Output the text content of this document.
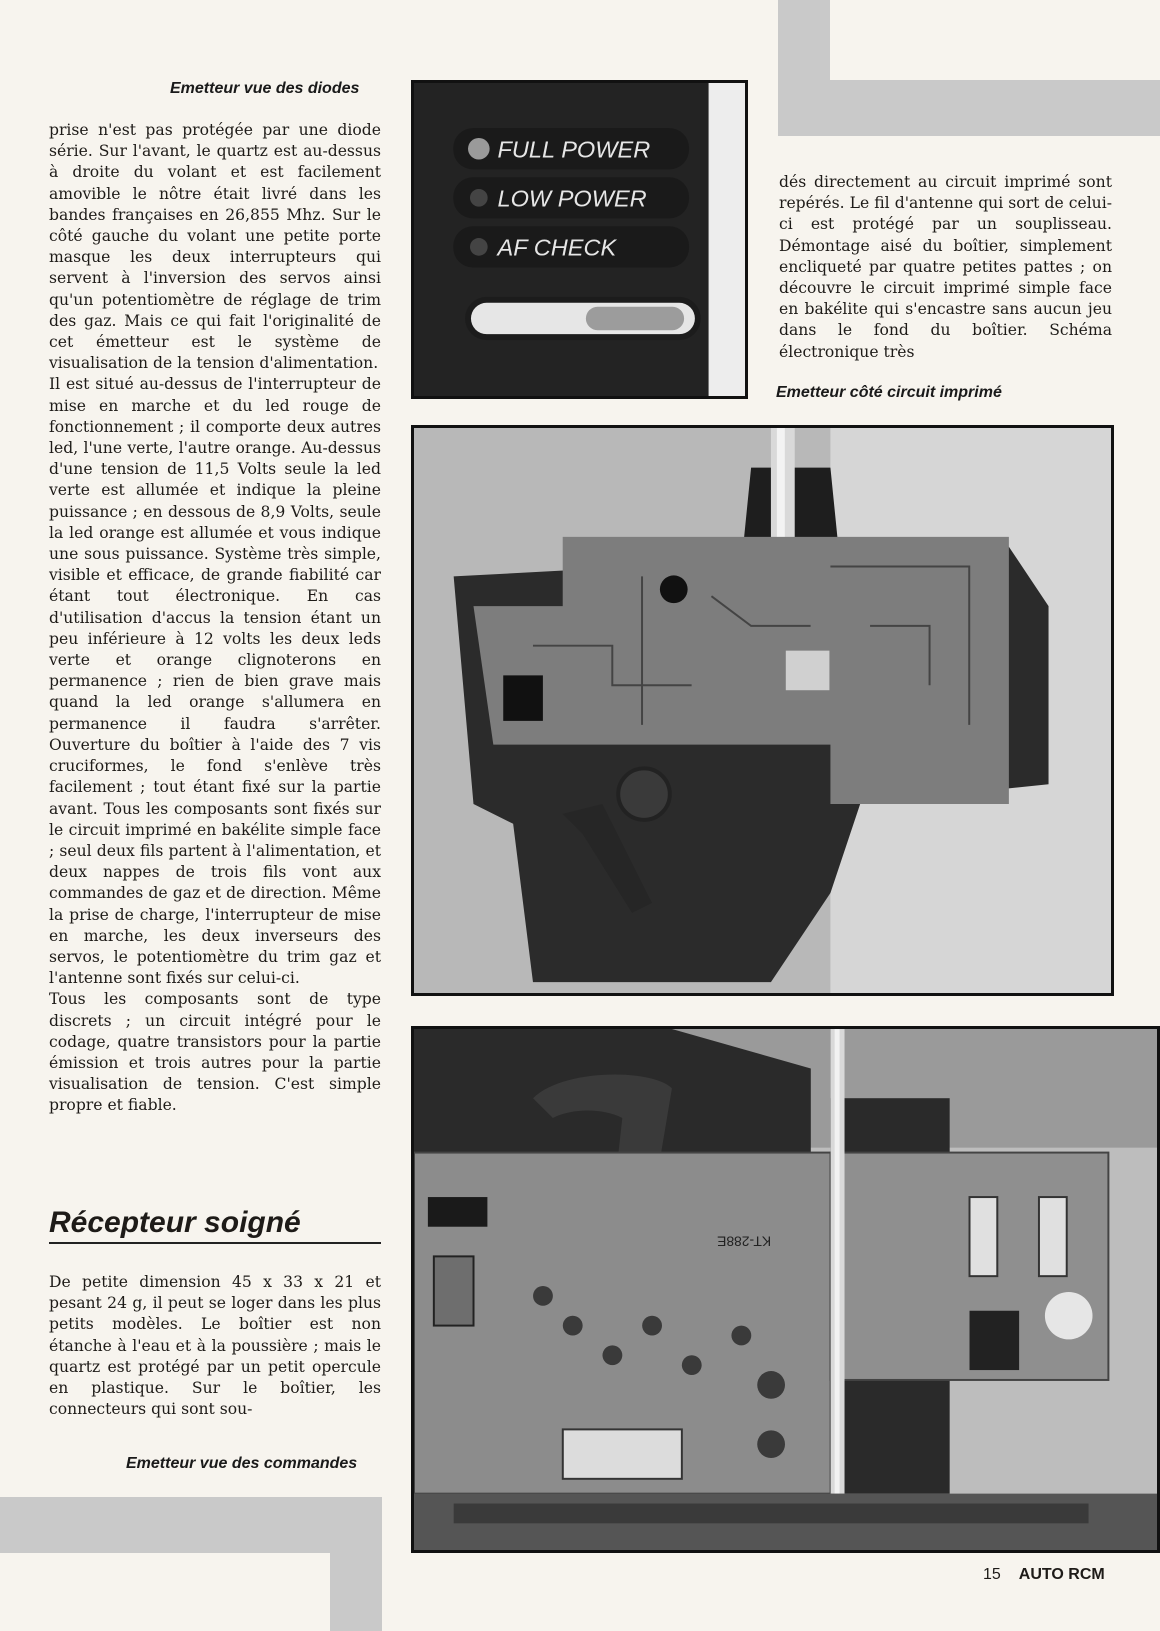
Emetteur vue des diodes

prise n'est pas protégée par une diode série. Sur l'avant, le quartz est au-dessus à droite du volant et est facilement amovible le nôtre était livré dans les bandes françaises en 26,855 Mhz. Sur le côté gauche du volant une petite porte masque les deux interrupteurs qui servent à l'inversion des servos ainsi qu'un potentiomètre de réglage de trim des gaz. Mais ce qui fait l'originalité de cet émetteur est le système de visualisation de la tension d'alimentation.

Il est situé au-dessus de l'interrupteur de mise en marche et du led rouge de fonctionnement ; il comporte deux autres led, l'une verte, l'autre orange. Au-dessus d'une tension de 11,5 Volts seule la led verte est allumée et indique la pleine puissance ; en dessous de 8,9 Volts, seule la led orange est allumée et vous indique une sous puissance. Système très simple, visible et efficace, de grande fiabilité car étant tout électronique. En cas d'utilisation d'accus la tension étant un peu inférieure à 12 volts les deux leds verte et orange clignoterons en permanence ; rien de bien grave mais quand la led orange s'allumera en permanence il faudra s'arrêter. Ouverture du boîtier à l'aide des 7 vis cruciformes, le fond s'enlève très facilement ; tout étant fixé sur la partie avant. Tous les composants sont fixés sur le circuit imprimé en bakélite simple face ; seul deux fils partent à l'alimentation, et deux nappes de trois fils vont aux commandes de gaz et de direction. Même la prise de charge, l'interrupteur de mise en marche, les deux inverseurs des servos, le potentiomètre du trim gaz et l'antenne sont fixés sur celui-ci.

Tous les composants sont de type discrets ; un circuit intégré pour le codage, quatre transistors pour la partie émission et trois autres pour la partie visualisation de tension. C'est simple propre et fiable.

Récepteur soigné
De petite dimension 45 x 33 x 21 et pesant 24 g, il peut se loger dans les plus petits modèles. Le boîtier est non étanche à l'eau et à la poussière ; mais le quartz est protégé par un petit opercule en plastique. Sur le boîtier, les connecteurs qui sont sou-
Emetteur vue des commandes
dés directement au circuit imprimé sont repérés. Le fil d'antenne qui sort de celui-ci est protégé par un souplisseau. Démontage aisé du boîtier, simplement encliqueté par quatre petites pattes ; on découvre le circuit imprimé simple face en bakélite qui s'encastre sans aucun jeu dans le fond du boîtier. Schéma électronique très
Emetteur côté circuit imprimé
FULL POWER
LOW POWER
AF CHECK
KT-288E
15 AUTO RCM
